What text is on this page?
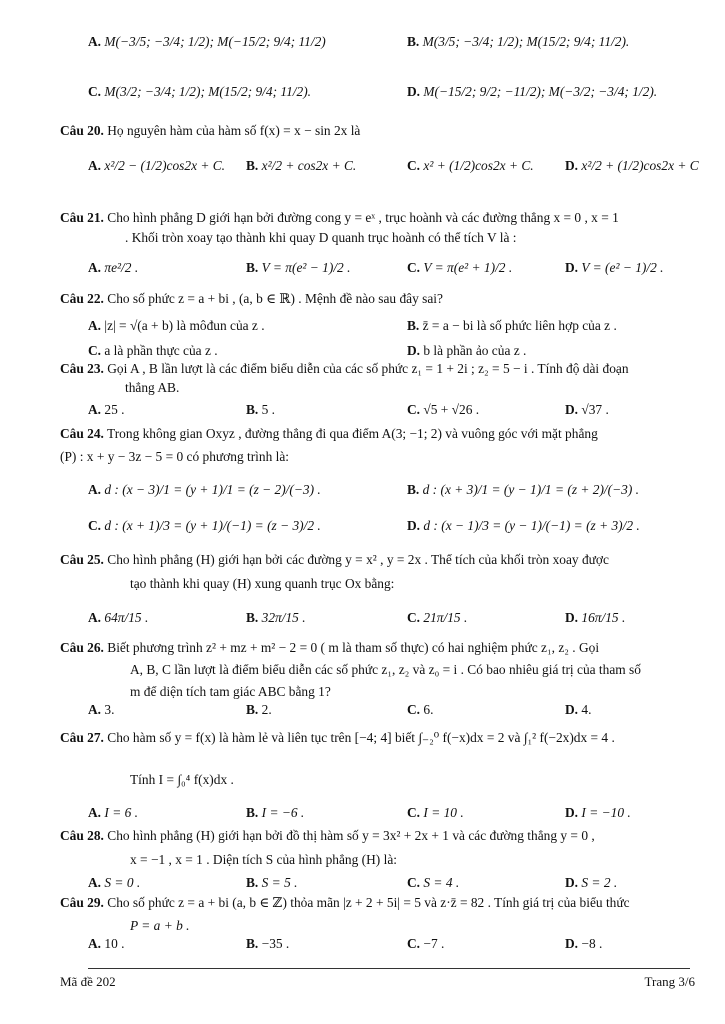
A. M(−3/5; −3/4; 1/2); M(−15/2; 9/4; 11/2)	B. M(3/5; −3/4; 1/2); M(15/2; 9/4; 11/2).
C. M(3/2; −3/4; 1/2); M(15/2; 9/4; 11/2).	D. M(−15/2; 9/2; −11/2); M(−3/2; −3/4; 1/2).
Câu 20. Họ nguyên hàm của hàm số f(x) = x − sin 2x là
A. x²/2 − (1/2)cos2x + C. B. x²/2 + cos2x + C.	C. x² + (1/2)cos2x + C. D. x²/2 + (1/2)cos2x + C
Câu 21. Cho hình phẳng D giới hạn bởi đường cong y = eˣ , trục hoành và các đường thẳng x = 0 , x = 1
. Khối tròn xoay tạo thành khi quay D quanh trục hoành có thể tích V là :
A. πe²/2 .	B. V = π(e² − 1)/2 .	C. V = π(e² + 1)/2 .	D. V = (e² − 1)/2 .
Câu 22. Cho số phức z = a + bi , (a, b ∈ ℝ) . Mệnh đề nào sau đây sai?
A. |z| = √(a + b) là môđun của z .	B. z̄ = a − bi là số phức liên hợp của z .
C. a là phần thực của z .	D. b là phần ảo của z .
Câu 23. Gọi A , B lần lượt là các điểm biểu diễn của các số phức z₁ = 1 + 2i ; z₂ = 5 − i . Tính độ dài đoạn
thẳng AB.
A. 25 .	B. 5 .	C. √5 + √26 .	D. √37 .
Câu 24. Trong không gian Oxyz , đường thẳng đi qua điểm A(3; −1; 2) và vuông góc với mặt phẳng
(P) : x + y − 3z − 5 = 0 có phương trình là:
A. d : (x − 3)/1 = (y + 1)/1 = (z − 2)/(−3) .	B. d : (x + 3)/1 = (y − 1)/1 = (z + 2)/(−3) .
C. d : (x + 1)/3 = (y + 1)/(−1) = (z − 3)/2 .	D. d : (x − 1)/3 = (y − 1)/(−1) = (z + 3)/2 .
Câu 25. Cho hình phẳng (H) giới hạn bởi các đường y = x² , y = 2x . Thể tích của khối tròn xoay được
tạo thành khi quay (H) xung quanh trục Ox bằng:
A. 64π/15 .	B. 32π/15 .	C. 21π/15 .	D. 16π/15 .
Câu 26. Biết phương trình z² + mz + m² − 2 = 0 ( m là tham số thực) có hai nghiệm phức z₁, z₂ . Gọi
A, B, C lần lượt là điểm biểu diễn các số phức z₁, z₂ và z₀ = i . Có bao nhiêu giá trị của tham số
m để diện tích tam giác ABC bằng 1?
A. 3.	B. 2.	C. 6.	D. 4.
Câu 27. Cho hàm số y = f(x) là hàm lẻ và liên tục trên [−4; 4] biết ∫₋₂⁰ f(−x)dx = 2 và ∫₁² f(−2x)dx = 4 .
Tính I = ∫₀⁴ f(x)dx .
A. I = 6 .	B. I = −6 .	C. I = 10 .	D. I = −10 .
Câu 28. Cho hình phẳng (H) giới hạn bởi đồ thị hàm số y = 3x² + 2x + 1 và các đường thẳng y = 0 ,
x = −1 , x = 1 . Diện tích S của hình phẳng (H) là:
A. S = 0 .	B. S = 5 .	C. S = 4 .	D. S = 2 .
Câu 29. Cho số phức z = a + bi (a, b ∈ ℤ) thỏa mãn |z + 2 + 5i| = 5 và z·z̄ = 82 . Tính giá trị của biểu thức
P = a + b .
A. 10 .	B. −35 .	C. −7 .	D. −8 .
Mã đề 202	Trang 3/6
